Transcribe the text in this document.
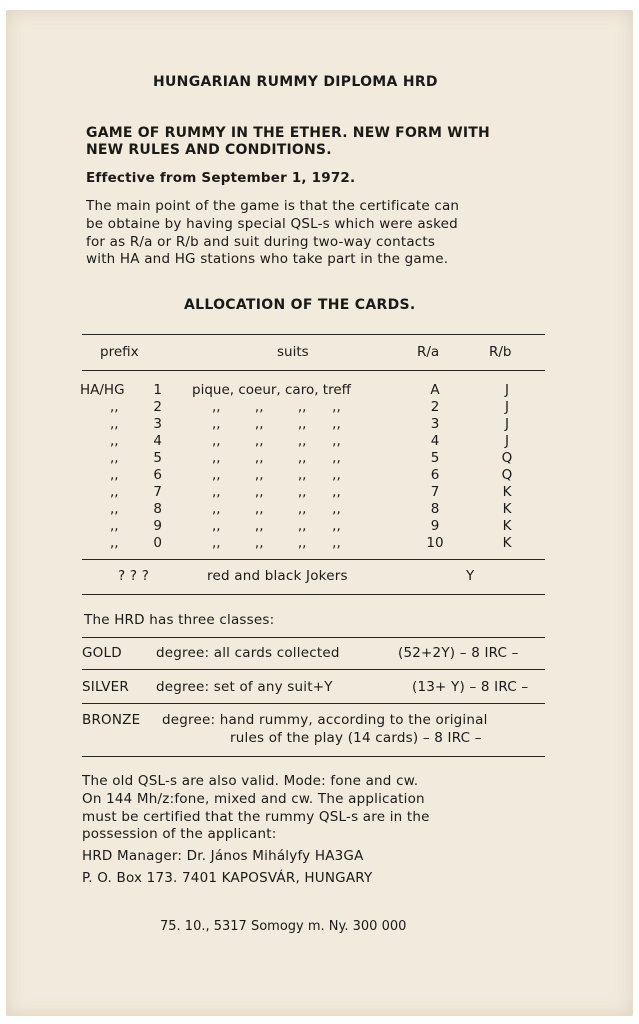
HUNGARIAN RUMMY DIPLOMA HRD
GAME OF RUMMY IN THE ETHER. NEW FORM WITH
NEW RULES AND CONDITIONS.
Effective from September 1, 1972.
The main point of the game is that the certificate can
be obtaine by having special QSL-s which were asked
for as R/a or R/b and suit during two-way contacts
with HA and HG stations who take part in the game.
ALLOCATION OF THE CARDS.
prefix	suits	R/a	R/b
HA/HG 1 pique, coeur, caro, treff	A	J
,,	2	,,        ,,        ,,      ,,	2	J
,,	3	,,        ,,        ,,      ,,	3	J
,,	4	,,        ,,        ,,      ,,	4	J
,,	5	,,        ,,        ,,      ,,	5	Q
,,	6	,,        ,,        ,,      ,,	6	Q
,,	7	,,        ,,        ,,      ,,	7	K
,,	8	,,        ,,        ,,      ,,	8	K
,,	9	,,        ,,        ,,      ,,	9	K
,,	0	,,        ,,        ,,      ,,	10	K
? ? ?	red and black Jokers	Y
The HRD has three classes:
GOLD	degree: all cards collected	(52+2Y) – 8 IRC –
SILVER degree: set of any suit+Y	(13+ Y) – 8 IRC –
BRONZE degree: hand rummy, according to the original
rules of the play (14 cards) – 8 IRC –
The old QSL-s are also valid. Mode: fone and cw.
On 144 Mh/z:fone, mixed and cw. The application
must be certified that the rummy QSL-s are in the
possession of the applicant:
HRD Manager: Dr. János Mihályfy HA3GA
P. O. Box 173. 7401 KAPOSVÁR, HUNGARY
75. 10., 5317 Somogy m. Ny. 300 000
